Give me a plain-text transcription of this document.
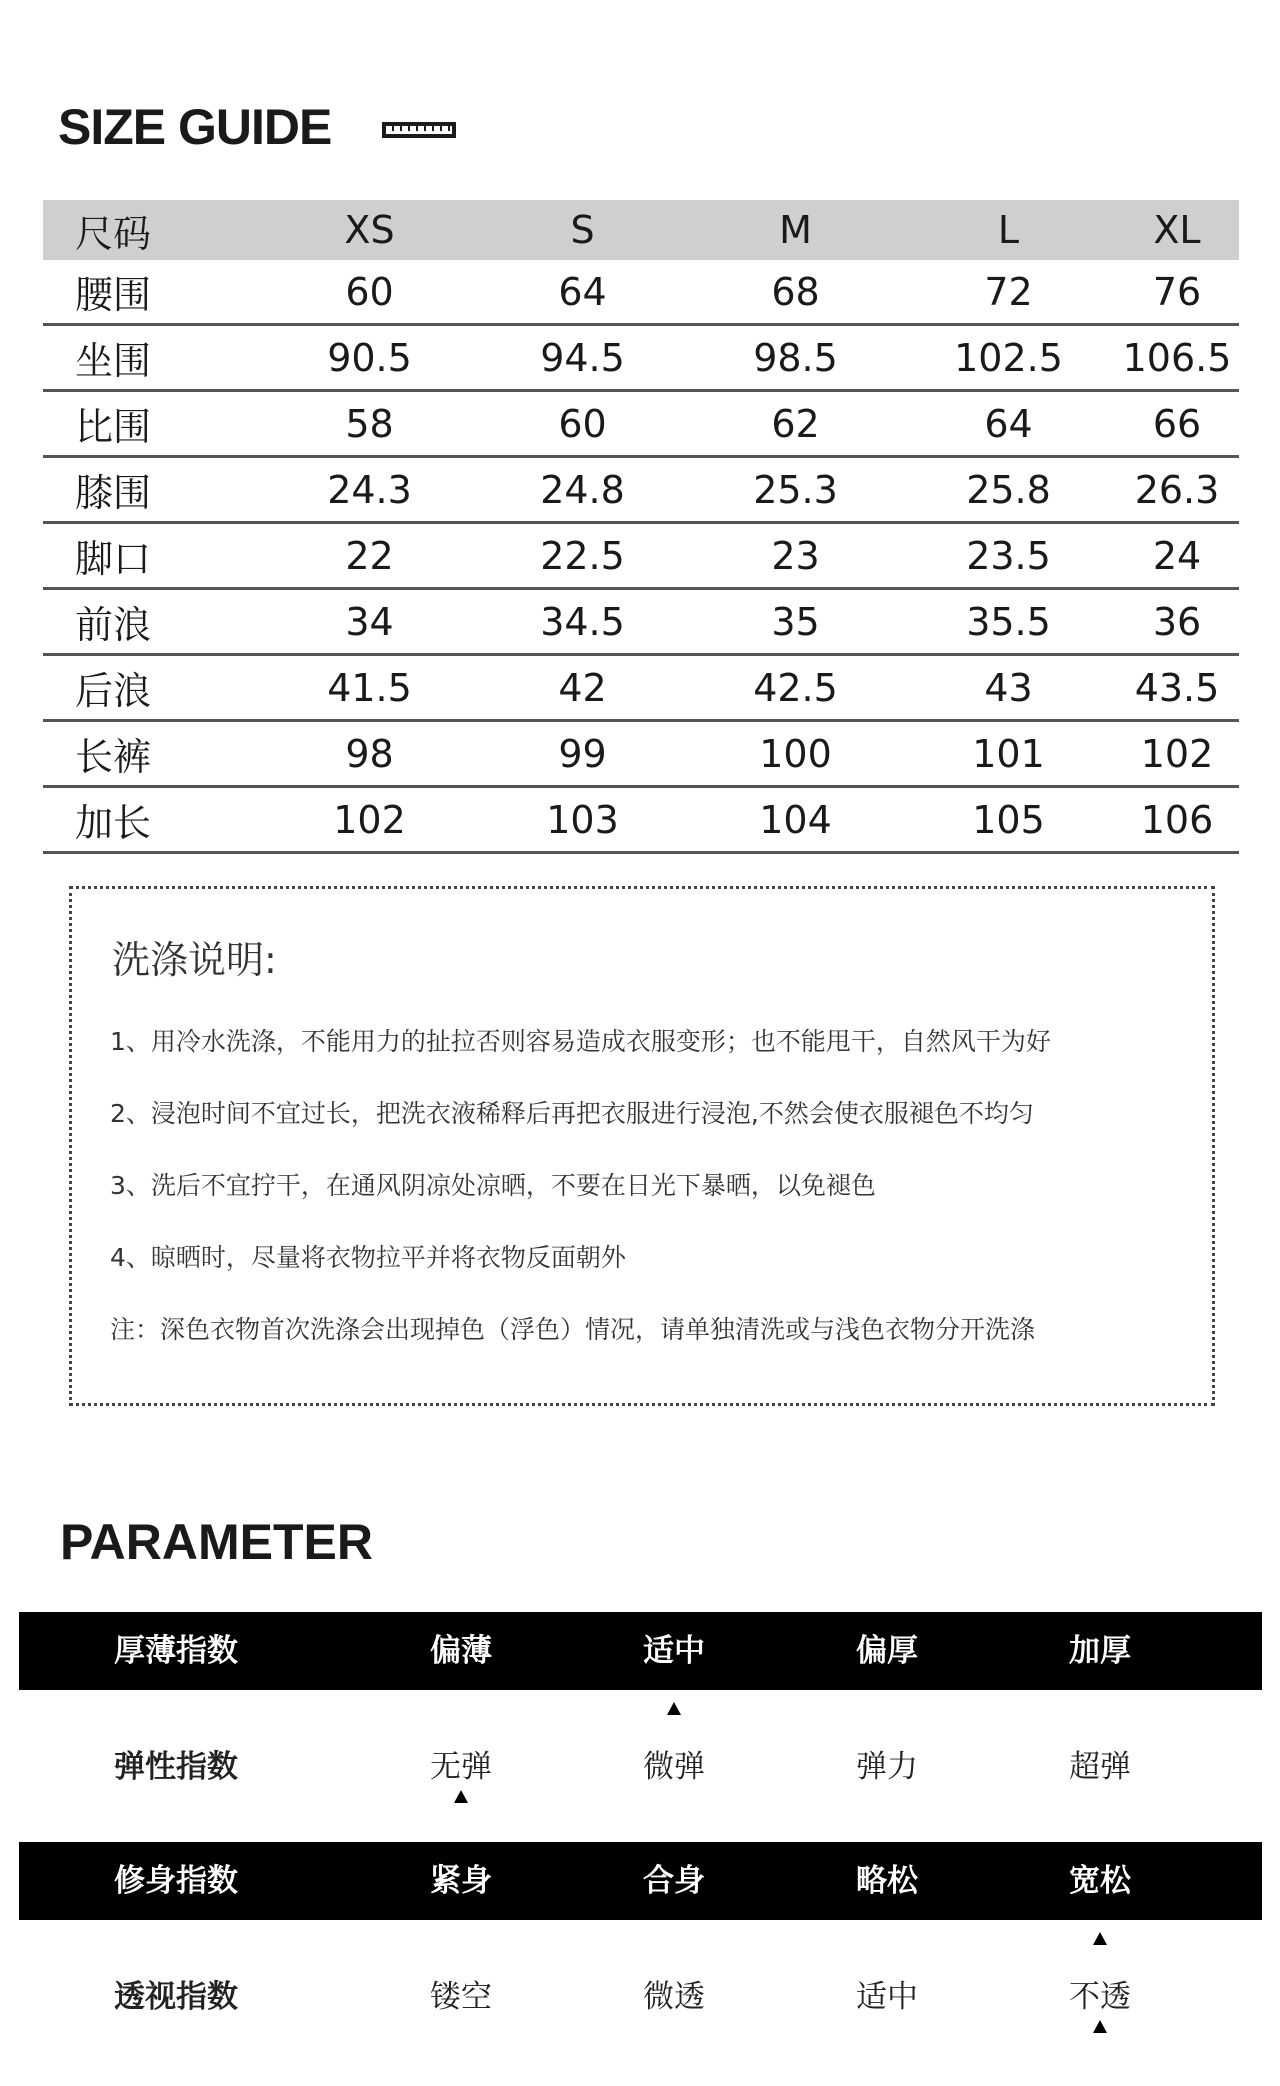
SIZE GUIDE
尺码	XS	S	M	L	XL
腰围	60	64	68	72	76
坐围	90.5	94.5	98.5	102.5	106.5
比围	58	60	62	64	66
膝围	24.3	24.8	25.3	25.8	26.3
脚口	22	22.5	23	23.5	24
前浪	34	34.5	35	35.5	36
后浪	41.5	42	42.5	43	43.5
长裤	98	99	100	101	102
加长	102	103	104	105	106
洗涤说明:
1、用冷水洗涤，不能用力的扯拉否则容易造成衣服变形；也不能甩干，自然风干为好
2、浸泡时间不宜过长，把洗衣液稀释后再把衣服进行浸泡,不然会使衣服褪色不均匀
3、洗后不宜拧干，在通风阴凉处凉晒，不要在日光下暴晒，以免褪色
4、晾晒时，尽量将衣物拉平并将衣物反面朝外
注：深色衣物首次洗涤会出现掉色（浮色）情况，请单独清洗或与浅色衣物分开洗涤
PARAMETER
厚薄指数	偏薄	适中	偏厚	加厚
弹性指数	无弹	微弹	弹力	超弹
修身指数	紧身	合身	略松	宽松
透视指数	镂空	微透	适中	不透
